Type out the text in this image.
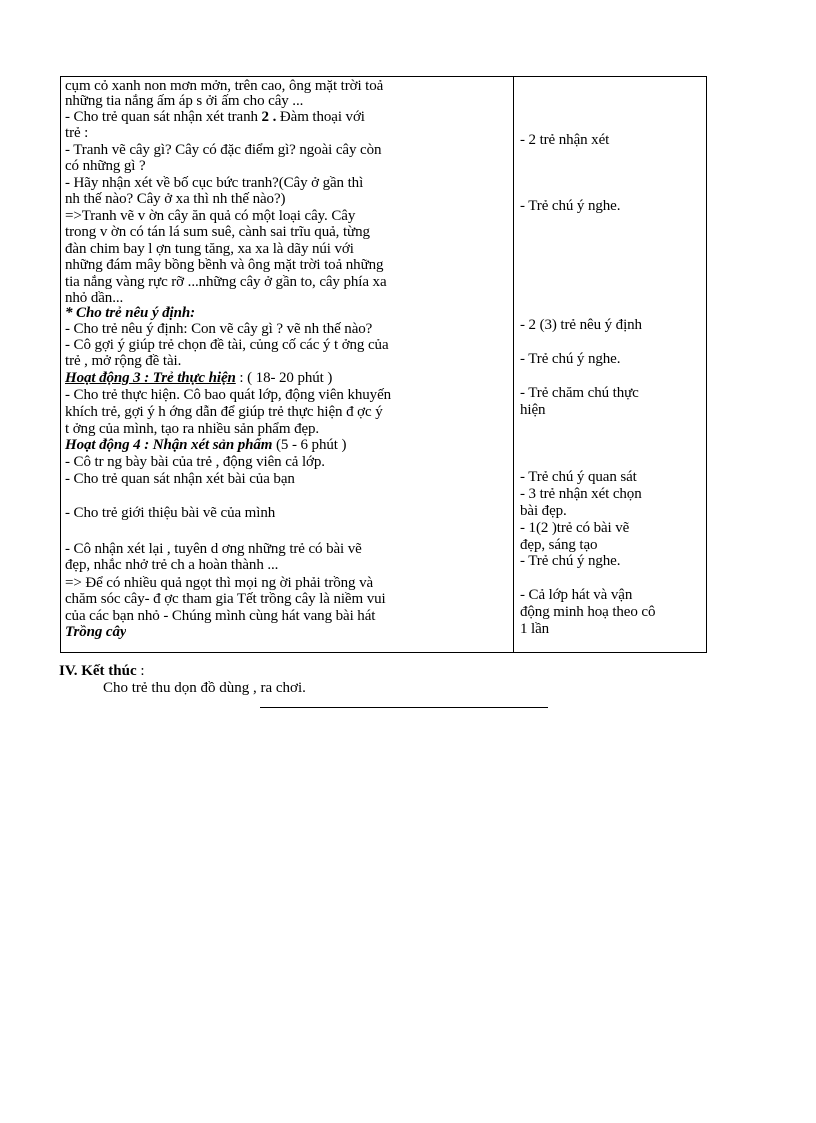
cụm cỏ xanh non mơn mởn, trên cao, ông mặt trời toả
những tia nắng ấm áp s ởi ấm cho cây ...
- Cho trẻ quan sát nhận xét tranh 2 . Đàm thoại với
trẻ :
- Tranh vẽ cây gì? Cây có đặc điểm gì? ngoài cây còn
có những gì ?
- Hãy nhận xét về bố cục bức tranh?(Cây ở gần thì
nh thế nào? Cây ở xa thì nh thế nào?)
=>Tranh vẽ v ờn cây ăn quả có một loại cây. Cây
trong v ờn có tán lá sum suê, cành sai trĩu quả, từng
đàn chim bay l ợn tung tăng, xa xa là dãy núi với
những đám mây bồng bềnh và ông mặt trời toả những
tia nắng vàng rực rỡ ...những cây ở gần to, cây phía xa
nhỏ dần...
* Cho trẻ nêu ý định:
- Cho trẻ nêu ý định: Con vẽ cây gì ? vẽ nh thế nào?
- Cô gợi ý giúp trẻ chọn đề tài, củng cố các ý t ởng của
trẻ , mở rộng đề tài.
Hoạt động 3 : Trẻ thực hiện : ( 18- 20 phút )
- Cho trẻ thực hiện. Cô bao quát lớp, động viên khuyến
khích trẻ, gợi ý h ớng dẫn để giúp trẻ thực hiện đ ợc ý
t ởng của mình, tạo ra nhiều sản phẩm đẹp.
Hoạt động 4 : Nhận xét sản phẩm (5 - 6 phút )
- Cô tr ng bày bài của trẻ , động viên cả lớp.
- Cho trẻ quan sát nhận xét bài của bạn
- Cho trẻ giới thiệu bài vẽ của mình
- Cô nhận xét lại , tuyên d ơng những trẻ có bài vẽ
đẹp, nhắc nhở trẻ ch a hoàn thành ...
=> Để có nhiều quả ngọt thì mọi ng ời phải trồng và
chăm sóc cây- đ ợc tham gia Tết trồng cây là niềm vui
của các bạn nhỏ - Chúng mình cùng hát vang bài hát
Trồng cây
- 2 trẻ nhận xét
- Trẻ chú ý nghe.
- 2 (3) trẻ nêu ý định
- Trẻ chú ý nghe.
- Trẻ chăm chú thực
hiện
- Trẻ chú ý quan sát
- 3 trẻ nhận xét chọn
bài đẹp.
- 1(2 )trẻ có bài vẽ
đẹp, sáng tạo
- Trẻ chú ý nghe.
- Cả lớp hát và vận
động minh hoạ theo cô
1 lần
IV. Kết thúc :
Cho trẻ thu dọn đồ dùng , ra chơi.
